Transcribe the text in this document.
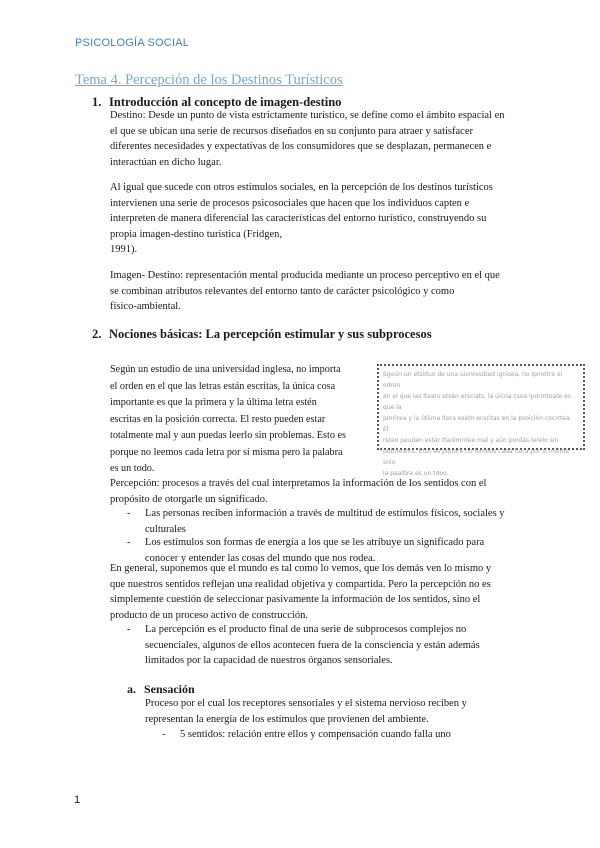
PSICOLOGÍA SOCIAL
Tema 4. Percepción de los Destinos Turísticos
1. Introducción al concepto de imagen-destino
Destino: Desde un punto de vista estrictamente turístico, se define como el ámbito espacial en
el que se ubican una serie de recursos diseñados en su conjunto para atraer y satisfacer
diferentes necesidades y expectativas de los consumidores que se desplazan, permanecen e
interactúan en dicho lugar.
Al igual que sucede con otros estímulos sociales, en la percepción de los destinos turísticos
intervienen una serie de procesos psicosociales que hacen que los individuos capten e
interpreten de manera diferencial las características del entorno turístico, construyendo su
propia imagen-destino turística (Fridgen,
1991).
Imagen- Destino: representación mental producida mediante un proceso perceptivo en el que
se combinan atributos relevantes del entorno tanto de carácter psicológico y como
físico-ambiental.
2. Nociones básicas: La percepción estimular y sus subprocesos
Según un estudio de una universidad inglesa, no importa
el orden en el que las letras están escritas, la única cosa
importante es que la primera y la última letra estén
escritas en la posición correcta. El resto pueden estar
totalmente mal y aun puedas leerlo sin problemas. Esto es
porque no leemos cada letra por sí misma pero la palabra
es un todo.
Sgeún un etsiduo de una uivnresdiad ignlsea, no ipmotra el odren
en el que las ltears etsán ersciats, la úicna csoa ipormtnate es que la
pmrirea y la útlima ltera esétn ecsritas en la psoición cocrrtea. El
rsteo peuden estar ttaolmntee mal y aún pordás lerelo sin
pobrleams. Etso es pquore no lemeos cada ltera por sí msima snio
la paalbra es un tdoo.
Percepción: procesos a través del cual interpretamos la información de los sentidos con el
propósito de otorgarle un significado.
- Las personas reciben información a través de multitud de estímulos físicos, sociales y
culturales
- Los estímulos son formas de energía a los que se les atribuye un significado para
conocer y entender las cosas del mundo que nos rodea.
En general, suponemos que el mundo es tal como lo vemos, que los demás ven lo mismo y
que nuestros sentidos reflejan una realidad objetiva y compartida. Pero la percepción no es
simplemente cuestión de seleccionar pasivamente la información de los sentidos, sino el
producto de un proceso activo de construcción.
- La percepción es el producto final de una serie de subprocesos complejos no
secuenciales, algunos de ellos acontecen fuera de la consciencia y están además
limitados por la capacidad de nuestros órganos sensoriales.
a. Sensación
Proceso por el cual los receptores sensoriales y el sistema nervioso reciben y
representan la energía de los estímulos que provienen del ambiente.
- 5 sentidos: relación entre ellos y compensación cuando falla uno
1
